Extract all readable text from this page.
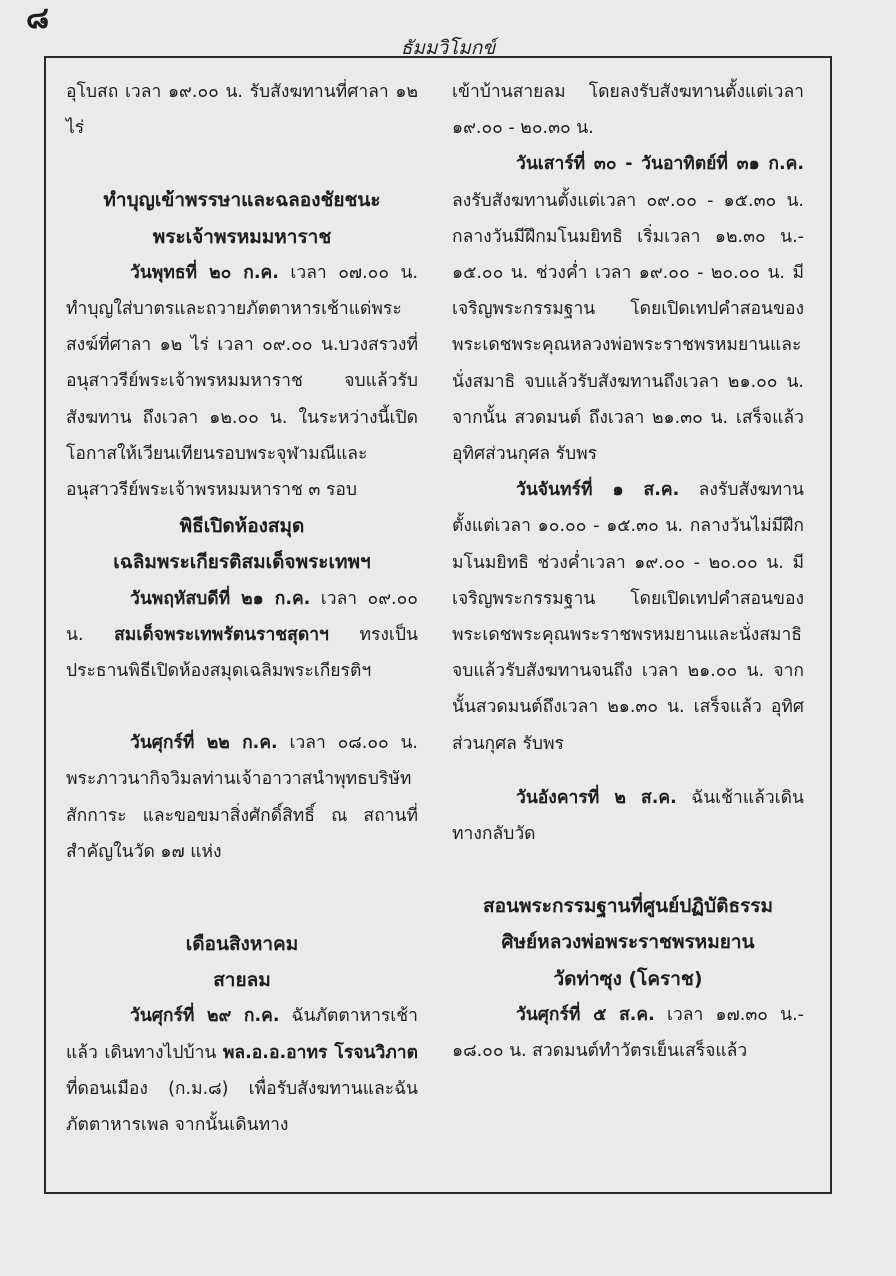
๘
ธัมมวิโมกข์

อุโบสถ เวลา ๑๙.๐๐ น. รับสังฆทานที่ศาลา ๑๒ ไร่

ทำบุญเข้าพรรษาและฉลองชัยชนะ

พระเจ้าพรหมมหาราช

วันพุทธที่ ๒๐ ก.ค. เวลา ๐๗.๐๐ น. ทำบุญใส่บาตรและถวายภัตตาหารเช้าแด่พระสงฆ์ที่ศาลา ๑๒ ไร่ เวลา ๐๙.๐๐ น.บวงสรวงที่อนุสาวรีย์พระเจ้าพรหมมหาราช จบแล้วรับสังฆทาน ถึงเวลา ๑๒.๐๐ น. ในระหว่างนี้เปิดโอกาสให้เวียนเทียนรอบพระจุฬามณีและอนุสาวรีย์พระเจ้าพรหมมหาราช ๓ รอบ

พิธีเปิดห้องสมุด

เฉลิมพระเกียรติสมเด็จพระเทพฯ

วันพฤหัสบดีที่ ๒๑ ก.ค. เวลา ๐๙.๐๐ น. สมเด็จพระเทพรัตนราชสุดาฯ ทรงเป็นประธานพิธีเปิดห้องสมุดเฉลิมพระเกียรติฯ

วันศุกร์ที่ ๒๒ ก.ค. เวลา ๐๘.๐๐ น. พระภาวนากิจวิมลท่านเจ้าอาวาสนำพุทธบริษัทสักการะ และขอขมาสิ่งศักดิ์สิทธิ์ ณ สถานที่สำคัญในวัด ๑๗ แห่ง

เดือนสิงหาคม

สายลม

วันศุกร์ที่ ๒๙ ก.ค. ฉันภัตตาหารเช้าแล้ว เดินทางไปบ้าน พล.อ.อ.อาทร โรจนวิภาต ที่ดอนเมือง (ก.ม.๘) เพื่อรับสังฆทานและฉันภัตตาหารเพล จากนั้นเดินทาง

เข้าบ้านสายลม โดยลงรับสังฆทานตั้งแต่เวลา ๑๙.๐๐ - ๒๐.๓๐ น.

วันเสาร์ที่ ๓๐ - วันอาทิตย์ที่ ๓๑ ก.ค. ลงรับสังฆทานตั้งแต่เวลา ๐๙.๐๐ - ๑๕.๓๐ น. กลางวันมีฝึกมโนมยิทธิ เริ่มเวลา ๑๒.๓๐ น.- ๑๕.๐๐ น. ช่วงค่ำ เวลา ๑๙.๐๐ - ๒๐.๐๐ น. มีเจริญพระกรรมฐาน โดยเปิดเทปคำสอนของพระเดชพระคุณหลวงพ่อพระราชพรหมยานและนั่งสมาธิ จบแล้วรับสังฆทานถึงเวลา ๒๑.๐๐ น. จากนั้น สวดมนต์ ถึงเวลา ๒๑.๓๐ น. เสร็จแล้ว อุทิศส่วนกุศล รับพร

วันจันทร์ที่ ๑ ส.ค. ลงรับสังฆทานตั้งแต่เวลา ๑๐.๐๐ - ๑๕.๓๐ น. กลางวันไม่มีฝึกมโนมยิทธิ ช่วงค่ำเวลา ๑๙.๐๐ - ๒๐.๐๐ น. มีเจริญพระกรรมฐาน โดยเปิดเทปคำสอนของพระเดชพระคุณพระราชพรหมยานและนั่งสมาธิ จบแล้วรับสังฆทานจนถึง เวลา ๒๑.๐๐ น. จากนั้นสวดมนต์ถึงเวลา ๒๑.๓๐ น. เสร็จแล้ว อุทิศส่วนกุศล รับพร

วันอังคารที่ ๒ ส.ค. ฉันเช้าแล้วเดินทางกลับวัด

สอนพระกรรมฐานที่ศูนย์ปฏิบัติธรรม

ศิษย์หลวงพ่อพระราชพรหมยาน

วัดท่าซุง (โคราช)

วันศุกร์ที่ ๕ ส.ค. เวลา ๑๗.๓๐ น.- ๑๘.๐๐ น. สวดมนต์ทำวัตรเย็นเสร็จแล้ว
